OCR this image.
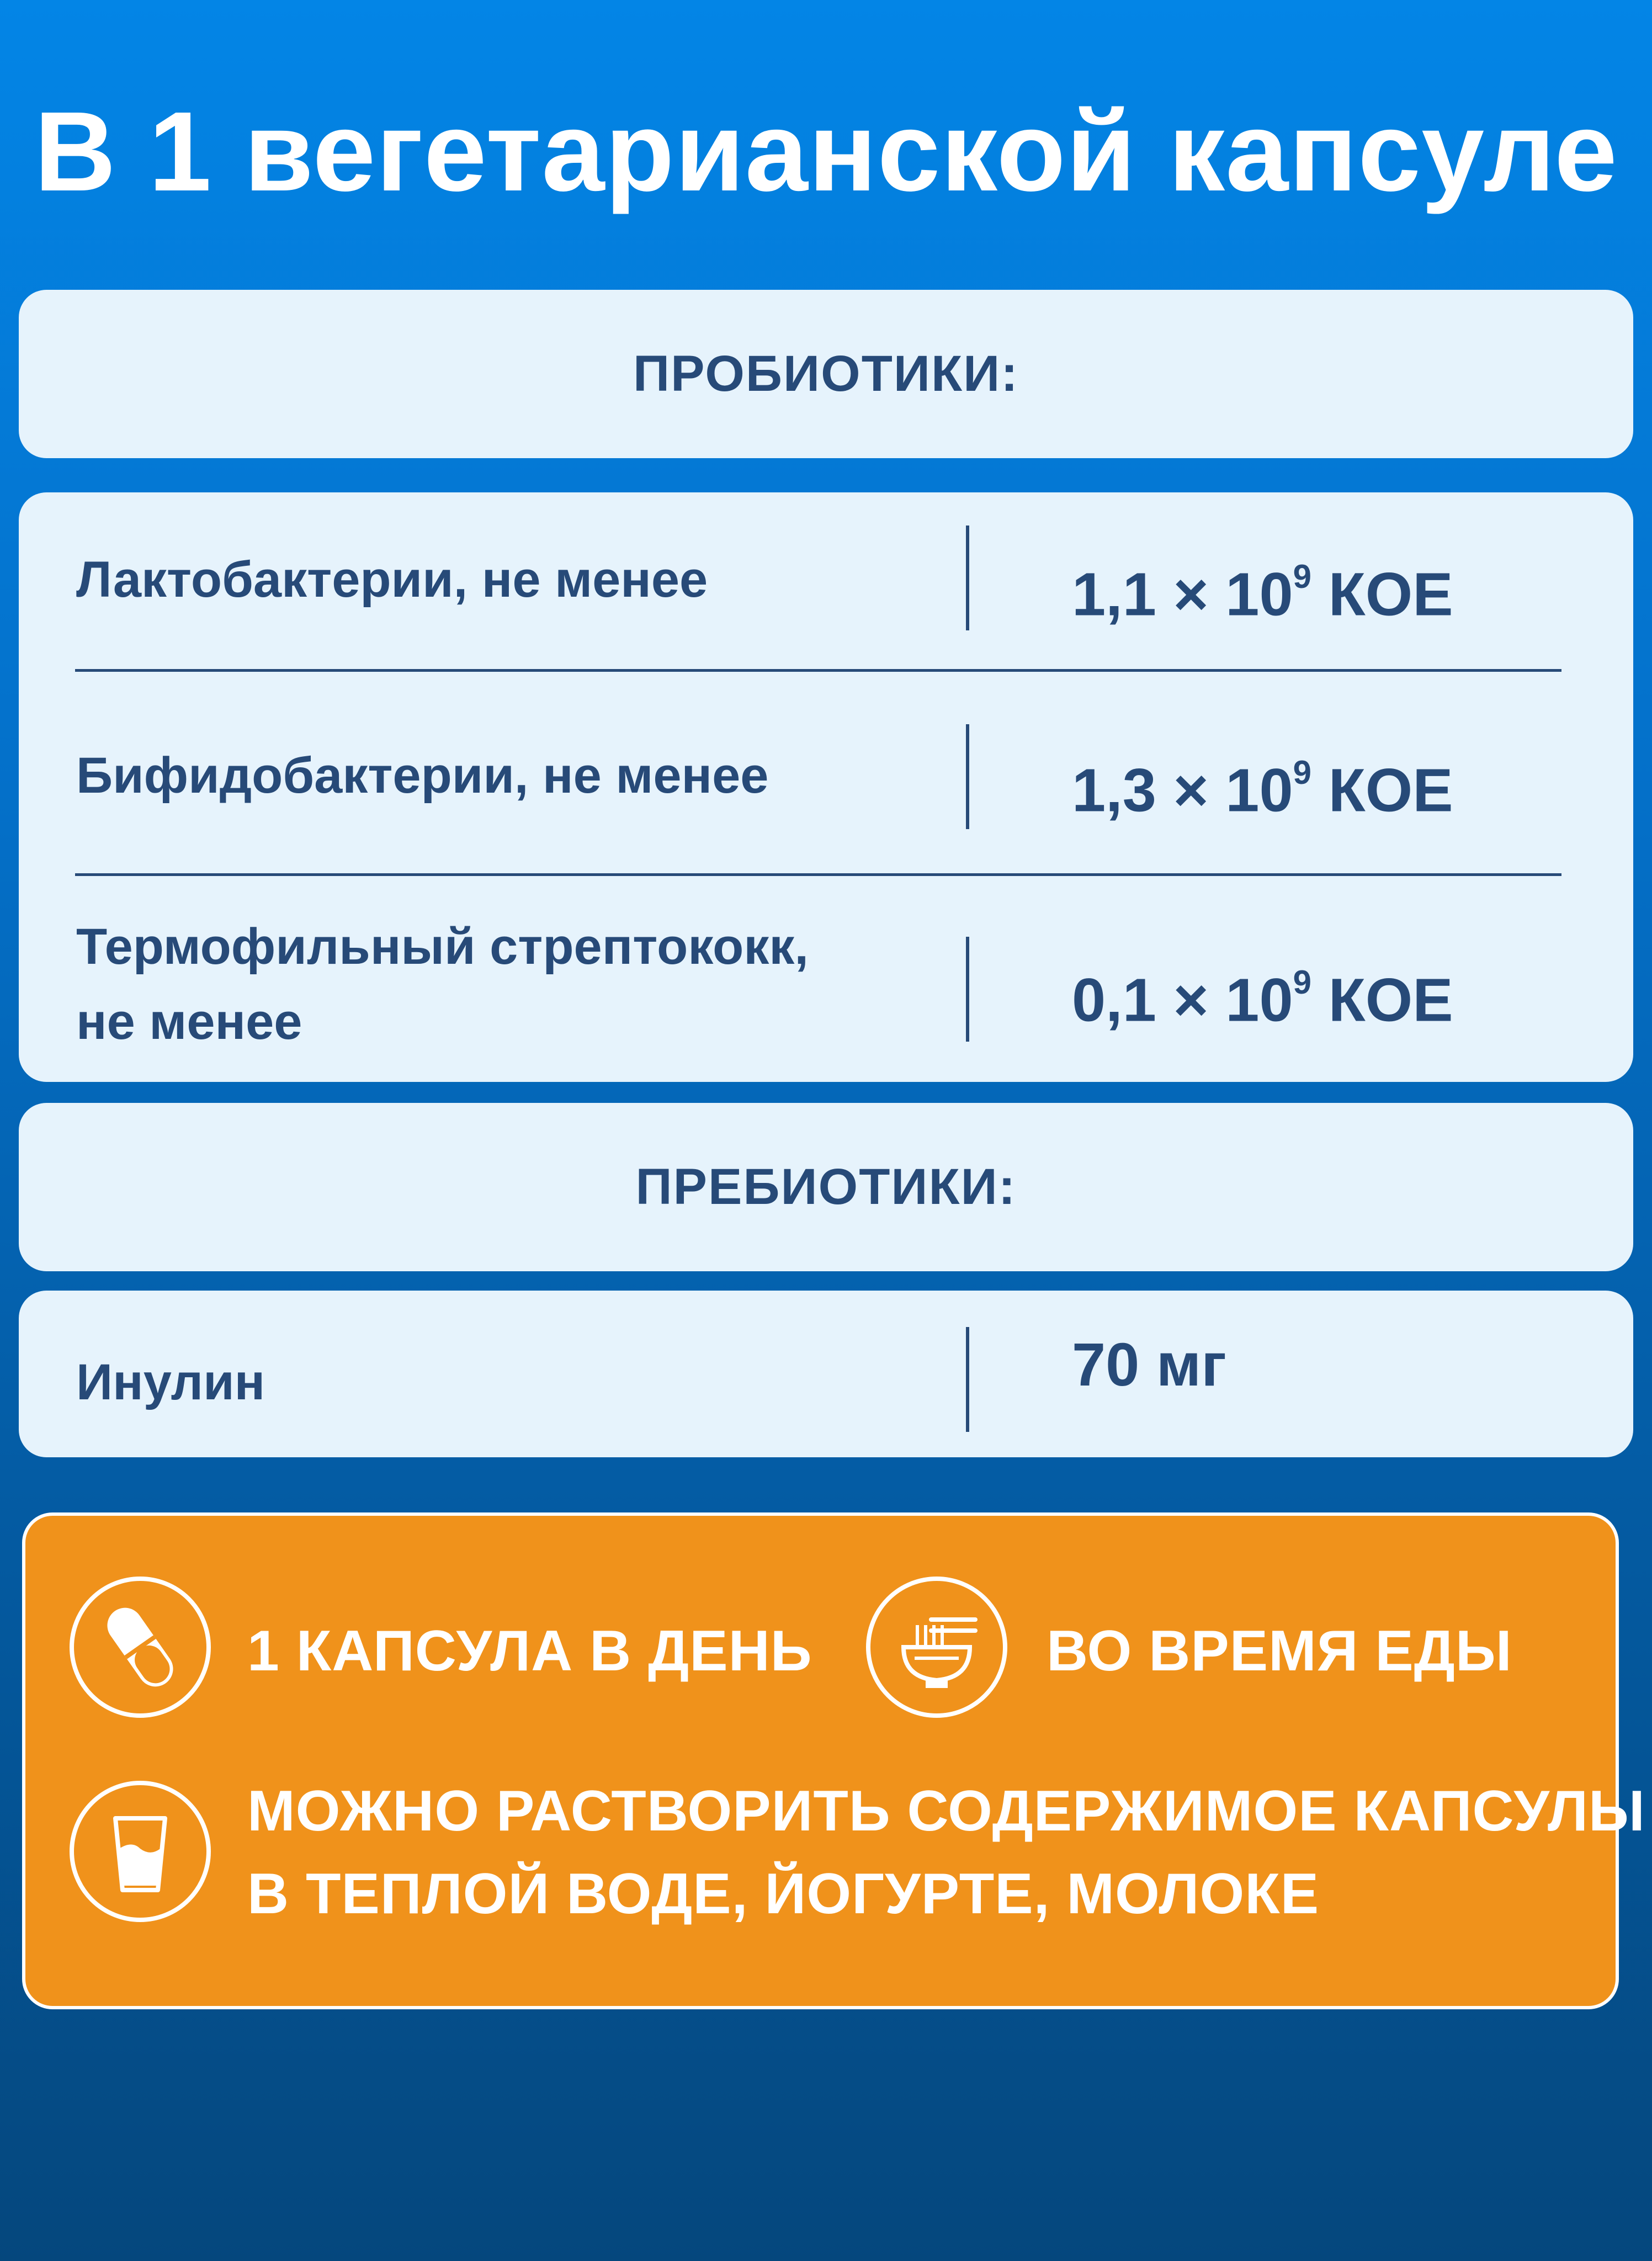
В 1 вегетарианской капсуле
ПРОБИОТИКИ:
Лактобактерии, не менее	$1,1 \times 10^9$ КОЕ
Бифидобактерии, не менее	$1,3 \times 10^9$ КОЕ
Термофильный стрептококк,
не менее	$0,1 \times 10^9$ КОЕ
ПРЕБИОТИКИ:
Инулин	70 мг
1 КАПСУЛА В ДЕНЬ	ВО ВРЕМЯ ЕДЫ
МОЖНО РАСТВОРИТЬ СОДЕРЖИМОЕ КАПСУЛЫ
В ТЕПЛОЙ ВОДЕ, ЙОГУРТЕ, МОЛОКЕ
